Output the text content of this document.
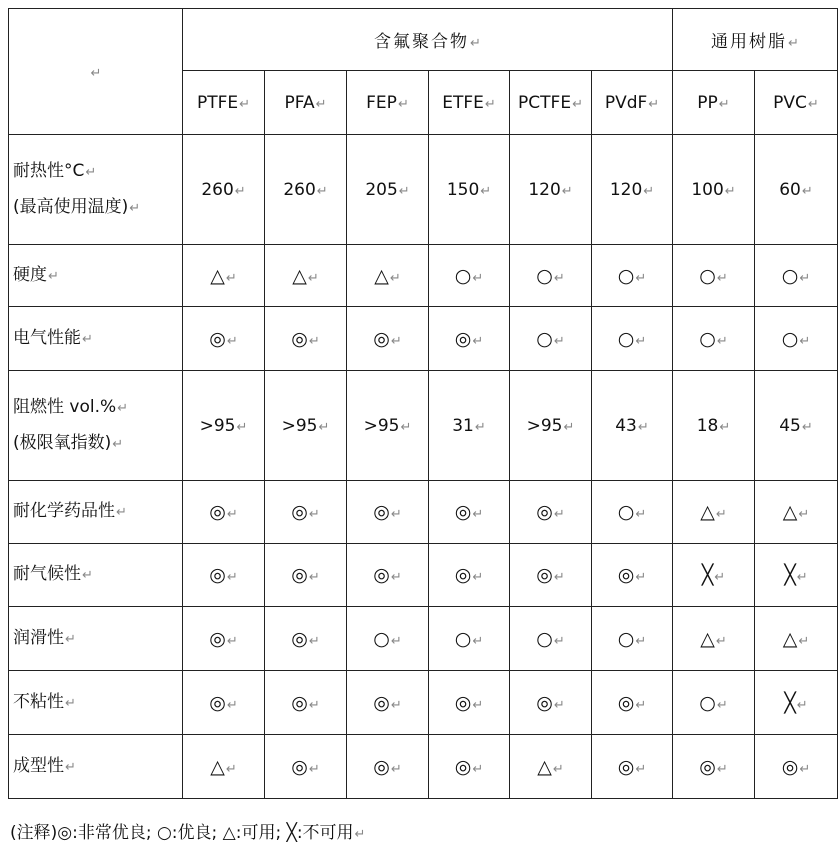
↵	含氟聚合物↵						通用树脂↵	
	PTFE↵	PFA↵	FEP↵	ETFE↵	PCTFE↵	PVdF↵	PP↵	PVC↵

耐热性°C↵
(最高使用温度)↵	260↵	260↵	205↵	150↵	120↵	120↵	100↵	60↵

硬度↵	△↵	△↵	△↵	○↵	○↵	○↵	○↵	○↵

电气性能↵	◎↵	◎↵	◎↵	◎↵	○↵	○↵	○↵	○↵

阻燃性 vol.%↵
(极限氧指数)↵	>95↵	>95↵	>95↵	31↵	>95↵	43↵	18↵	45↵

耐化学药品性↵	◎↵	◎↵	◎↵	◎↵	◎↵	○↵	△↵	△↵

耐气候性↵	◎↵	◎↵	◎↵	◎↵	◎↵	◎↵	╳↵	╳↵

润滑性↵	◎↵	◎↵	○↵	○↵	○↵	○↵	△↵	△↵

不粘性↵	◎↵	◎↵	◎↵	◎↵	◎↵	◎↵	○↵	╳↵

成型性↵	△↵	◎↵	◎↵	◎↵	△↵	◎↵	◎↵	◎↵
(注释)◎:非常优良; ○:优良; △:可用; ╳:不可用↵
